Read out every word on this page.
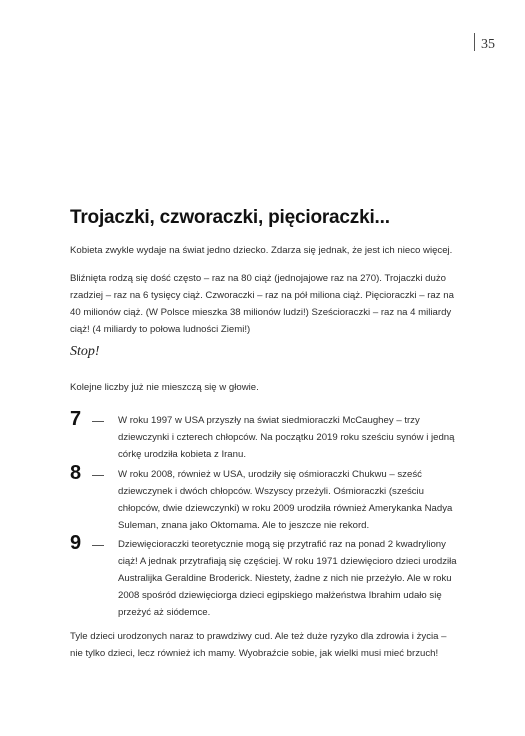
35
Trojaczki, czworaczki, pięcioraczki...

Kobieta zwykle wydaje na świat jedno dziecko. Zdarza się jednak, że jest ich nieco więcej.

Bliźnięta rodzą się dość często – raz na 80 ciąż (jednojajowe raz na 270). Trojaczki dużo rzadziej – raz na 6 tysięcy ciąż. Czworaczki – raz na pół miliona ciąż. Pięcioraczki – raz na 40 milionów ciąż. (W Polsce mieszka 38 milionów ludzi!) Sześcioraczki – raz na 4 miliardy ciąż! (4 miliardy to połowa ludności Ziemi!)

Stop!

Kolejne liczby już nie mieszczą się w głowie.

7	W roku 1997 w USA przyszły na świat siedmioraczki McCaughey – trzy dziewczynki i czterech chłopców. Na początku 2019 roku sześciu synów i jedną córkę urodziła kobieta z Iranu.

8	W roku 2008, również w USA, urodziły się ośmioraczki Chukwu – sześć dziewczynek i dwóch chłopców. Wszyscy przeżyli. Ośmioraczki (sześciu chłopców, dwie dziewczynki) w roku 2009 urodziła również Amerykanka Nadya Suleman, znana jako Oktomama. Ale to jeszcze nie rekord.

9	Dziewięcioraczki teoretycznie mogą się przytrafić raz na ponad 2 kwadryliony ciąż! A jednak przytrafiają się częściej. W roku 1971 dziewięcioro dzieci urodziła Australijka Geraldine Broderick. Niestety, żadne z nich nie przeżyło. Ale w roku 2008 spośród dziewięciorga dzieci egipskiego małżeństwa Ibrahim udało się przeżyć aż siódemce.

Tyle dzieci urodzonych naraz to prawdziwy cud. Ale też duże ryzyko dla zdrowia i życia – nie tylko dzieci, lecz również ich mamy. Wyobraźcie sobie, jak wielki musi mieć brzuch!
